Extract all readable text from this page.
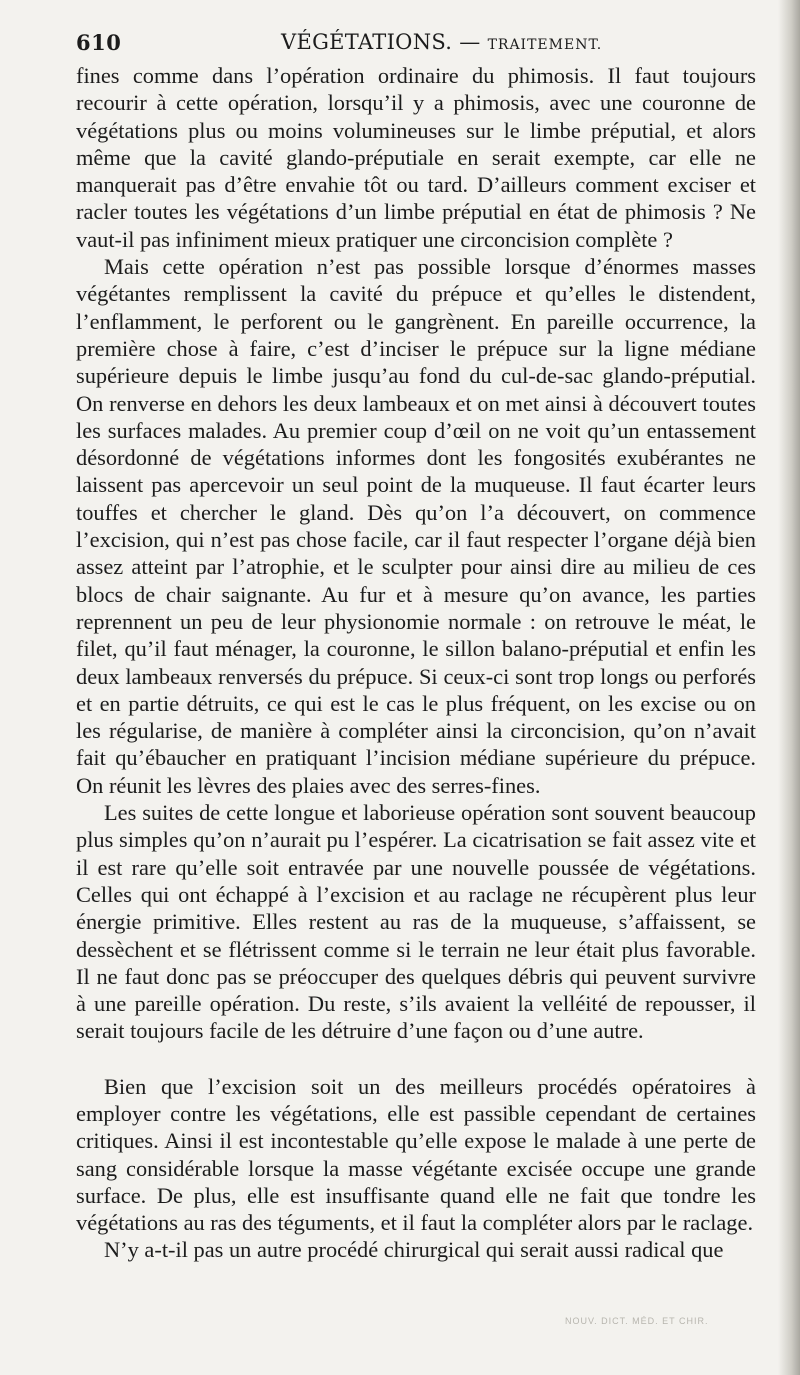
610	VÉGÉTATIONS. — TRAITEMENT.

fines comme dans l’opération ordinaire du phimosis. Il faut toujours recourir à cette opération, lorsqu’il y a phimosis, avec une couronne de végétations plus ou moins volumineuses sur le limbe préputial, et alors même que la cavité glando-préputiale en serait exempte, car elle ne manquerait pas d’être envahie tôt ou tard. D’ailleurs comment exciser et racler toutes les végétations d’un limbe préputial en état de phimosis ? Ne vaut-il pas infiniment mieux pratiquer une circoncision complète ?

Mais cette opération n’est pas possible lorsque d’énormes masses végétantes remplissent la cavité du prépuce et qu’elles le distendent, l’enflamment, le perforent ou le gangrènent. En pareille occurrence, la première chose à faire, c’est d’inciser le prépuce sur la ligne médiane supérieure depuis le limbe jusqu’au fond du cul-de-sac glando-préputial. On renverse en dehors les deux lambeaux et on met ainsi à découvert toutes les surfaces malades. Au premier coup d’œil on ne voit qu’un entassement désordonné de végétations informes dont les fongosités exubérantes ne laissent pas apercevoir un seul point de la muqueuse. Il faut écarter leurs touffes et chercher le gland. Dès qu’on l’a découvert, on commence l’excision, qui n’est pas chose facile, car il faut respecter l’organe déjà bien assez atteint par l’atrophie, et le sculpter pour ainsi dire au milieu de ces blocs de chair saignante. Au fur et à mesure qu’on avance, les parties reprennent un peu de leur physionomie normale : on retrouve le méat, le filet, qu’il faut ménager, la couronne, le sillon balano-préputial et enfin les deux lambeaux renversés du prépuce. Si ceux-ci sont trop longs ou perforés et en partie détruits, ce qui est le cas le plus fréquent, on les excise ou on les régularise, de manière à compléter ainsi la circoncision, qu’on n’avait fait qu’ébaucher en pratiquant l’incision médiane supérieure du prépuce. On réunit les lèvres des plaies avec des serres-fines.

Les suites de cette longue et laborieuse opération sont souvent beaucoup plus simples qu’on n’aurait pu l’espérer. La cicatrisation se fait assez vite et il est rare qu’elle soit entravée par une nouvelle poussée de végétations. Celles qui ont échappé à l’excision et au raclage ne récupèrent plus leur énergie primitive. Elles restent au ras de la muqueuse, s’affaissent, se dessèchent et se flétrissent comme si le terrain ne leur était plus favorable. Il ne faut donc pas se préoccuper des quelques débris qui peuvent survivre à une pareille opération. Du reste, s’ils avaient la velléité de repousser, il serait toujours facile de les détruire d’une façon ou d’une autre.

Bien que l’excision soit un des meilleurs procédés opératoires à employer contre les végétations, elle est passible cependant de certaines critiques. Ainsi il est incontestable qu’elle expose le malade à une perte de sang considérable lorsque la masse végétante excisée occupe une grande surface. De plus, elle est insuffisante quand elle ne fait que tondre les végétations au ras des téguments, et il faut la compléter alors par le raclage.

N’y a-t-il pas un autre procédé chirurgical qui serait aussi radical que

NOUV. DICT. MÉD. ET CHIR.
